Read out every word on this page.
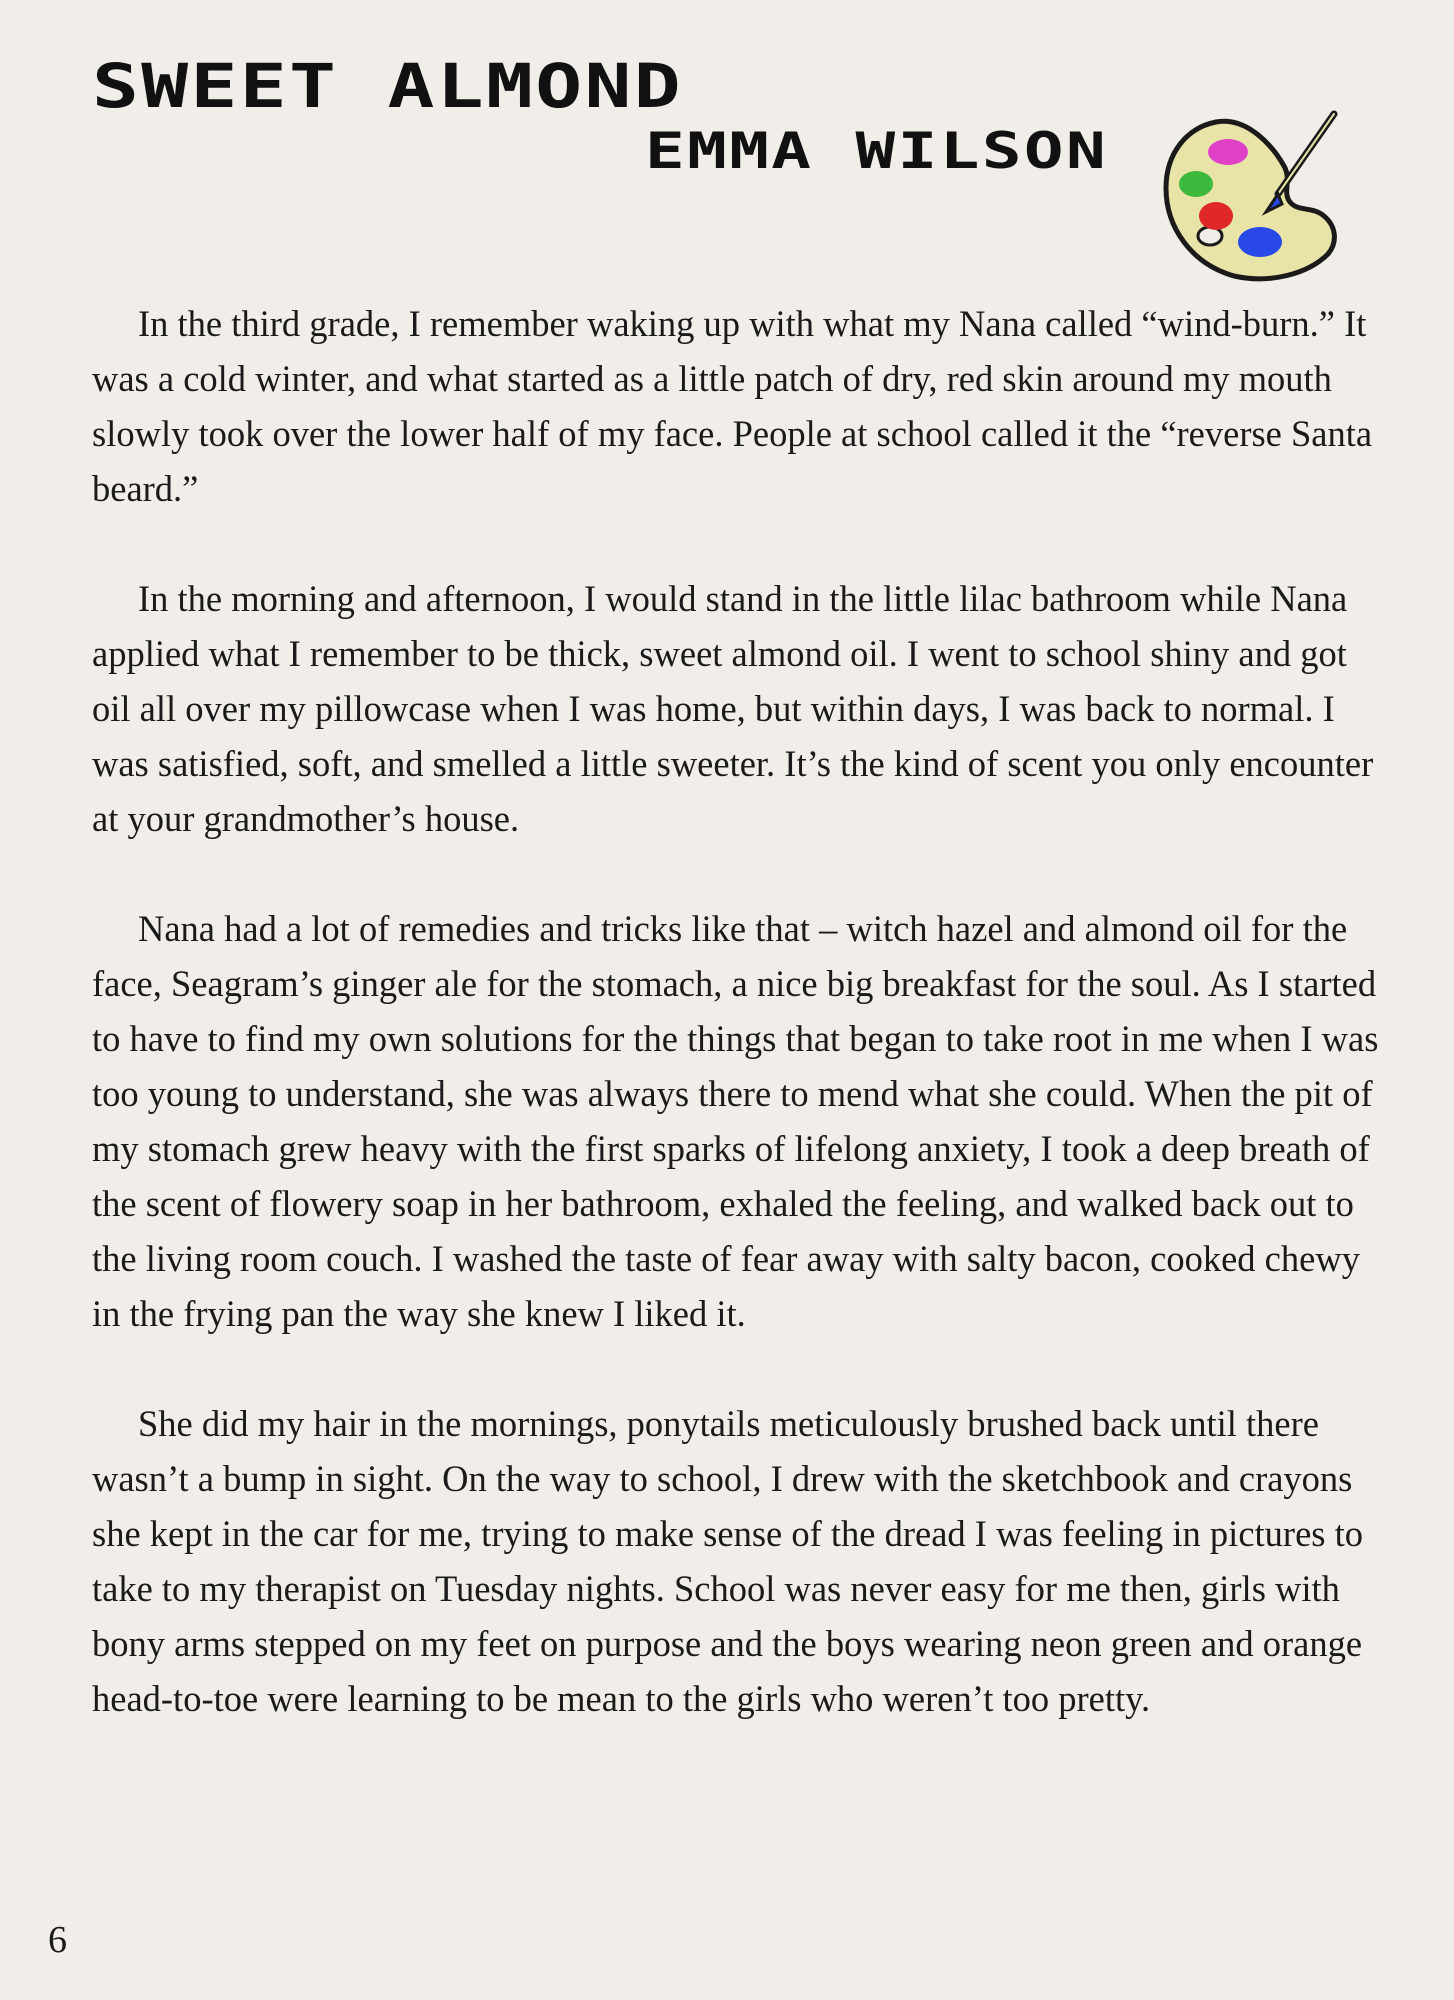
SWEET ALMOND
EMMA WILSON

In the third grade, I remember waking up with what my Nana called “wind-burn.” It was a cold winter, and what started as a little patch of dry, red skin around my mouth slowly took over the lower half of my face. People at school called it the “reverse Santa beard.”

In the morning and afternoon, I would stand in the little lilac bathroom while Nana applied what I remember to be thick, sweet almond oil. I went to school shiny and got oil all over my pillowcase when I was home, but within days, I was back to normal. I was satisfied, soft, and smelled a little sweeter. It’s the kind of scent you only encounter at your grandmother’s house.

Nana had a lot of remedies and tricks like that – witch hazel and almond oil for the face, Seagram’s ginger ale for the stomach, a nice big breakfast for the soul. As I started to have to find my own solutions for the things that began to take root in me when I was too young to understand, she was always there to mend what she could. When the pit of my stomach grew heavy with the first sparks of lifelong anxiety, I took a deep breath of the scent of flowery soap in her bathroom, exhaled the feeling, and walked back out to the living room couch. I washed the taste of fear away with salty bacon, cooked chewy in the frying pan the way she knew I liked it.

She did my hair in the mornings, ponytails meticulously brushed back until there wasn’t a bump in sight. On the way to school, I drew with the sketchbook and crayons she kept in the car for me, trying to make sense of the dread I was feeling in pictures to take to my therapist on Tuesday nights. School was never easy for me then, girls with bony arms stepped on my feet on purpose and the boys wearing neon green and orange head-to-toe were learning to be mean to the girls who weren’t too pretty.

6
